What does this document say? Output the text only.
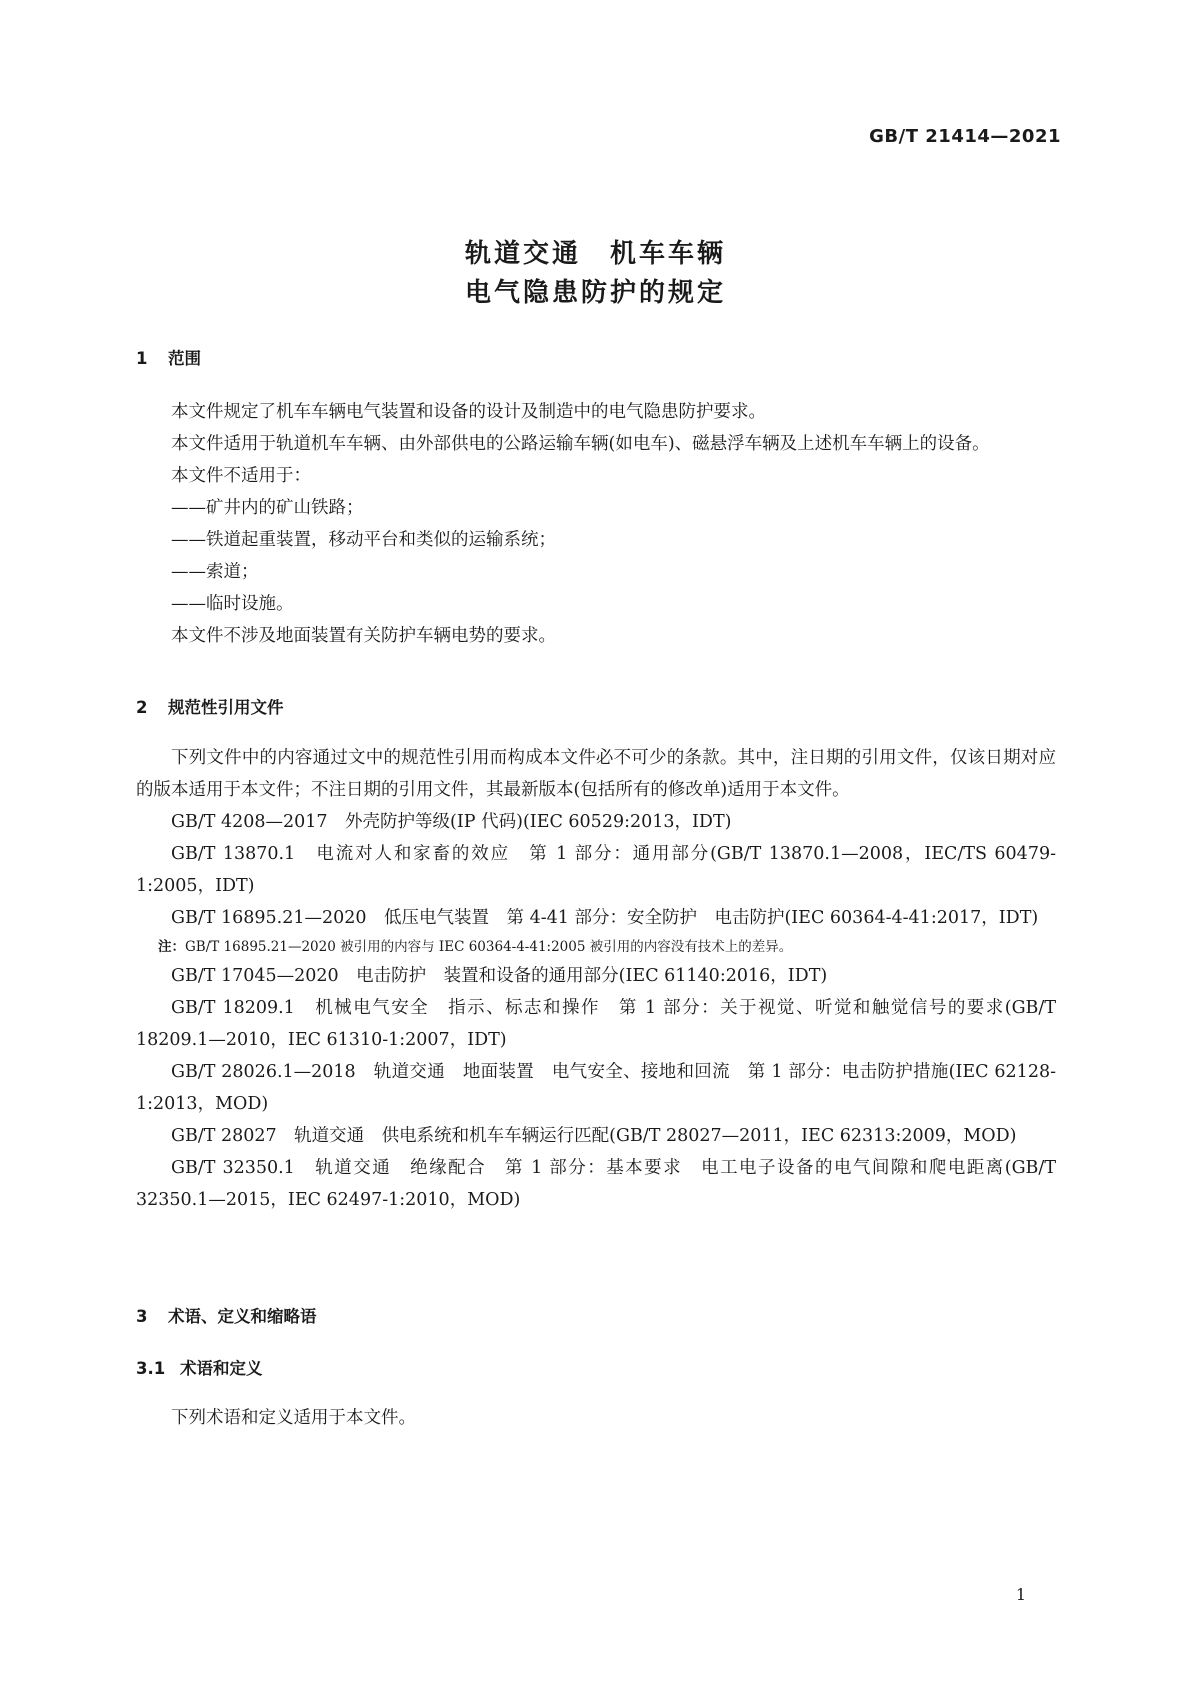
GB/T 21414—2021
轨道交通　机车车辆
电气隐患防护的规定
1 范围

本文件规定了机车车辆电气装置和设备的设计及制造中的电气隐患防护要求。

本文件适用于轨道机车车辆、由外部供电的公路运输车辆(如电车)、磁悬浮车辆及上述机车车辆上的设备。

本文件不适用于：

——矿井内的矿山铁路；

——铁道起重装置，移动平台和类似的运输系统；

——索道；

——临时设施。

本文件不涉及地面装置有关防护车辆电势的要求。

2 规范性引用文件

下列文件中的内容通过文中的规范性引用而构成本文件必不可少的条款。其中，注日期的引用文件，仅该日期对应的版本适用于本文件；不注日期的引用文件，其最新版本(包括所有的修改单)适用于本文件。

GB/T 4208—2017　外壳防护等级(IP 代码)(IEC 60529:2013，IDT)

GB/T 13870.1　电流对人和家畜的效应　第 1 部分：通用部分(GB/T 13870.1—2008，IEC/TS 60479-1:2005，IDT)

GB/T 16895.21—2020　低压电气装置　第 4-41 部分：安全防护　电击防护(IEC 60364-4-41:2017，IDT)

注：GB/T 16895.21—2020 被引用的内容与 IEC 60364-4-41:2005 被引用的内容没有技术上的差异。

GB/T 17045—2020　电击防护　装置和设备的通用部分(IEC 61140:2016，IDT)

GB/T 18209.1　机械电气安全　指示、标志和操作　第 1 部分：关于视觉、听觉和触觉信号的要求(GB/T 18209.1—2010，IEC 61310-1:2007，IDT)

GB/T 28026.1—2018　轨道交通　地面装置　电气安全、接地和回流　第 1 部分：电击防护措施(IEC 62128-1:2013，MOD)

GB/T 28027　轨道交通　供电系统和机车车辆运行匹配(GB/T 28027—2011，IEC 62313:2009，MOD)

GB/T 32350.1　轨道交通　绝缘配合　第 1 部分：基本要求　电工电子设备的电气间隙和爬电距离(GB/T 32350.1—2015，IEC 62497-1:2010，MOD)

3 术语、定义和缩略语
3.1 术语和定义

下列术语和定义适用于本文件。

1
